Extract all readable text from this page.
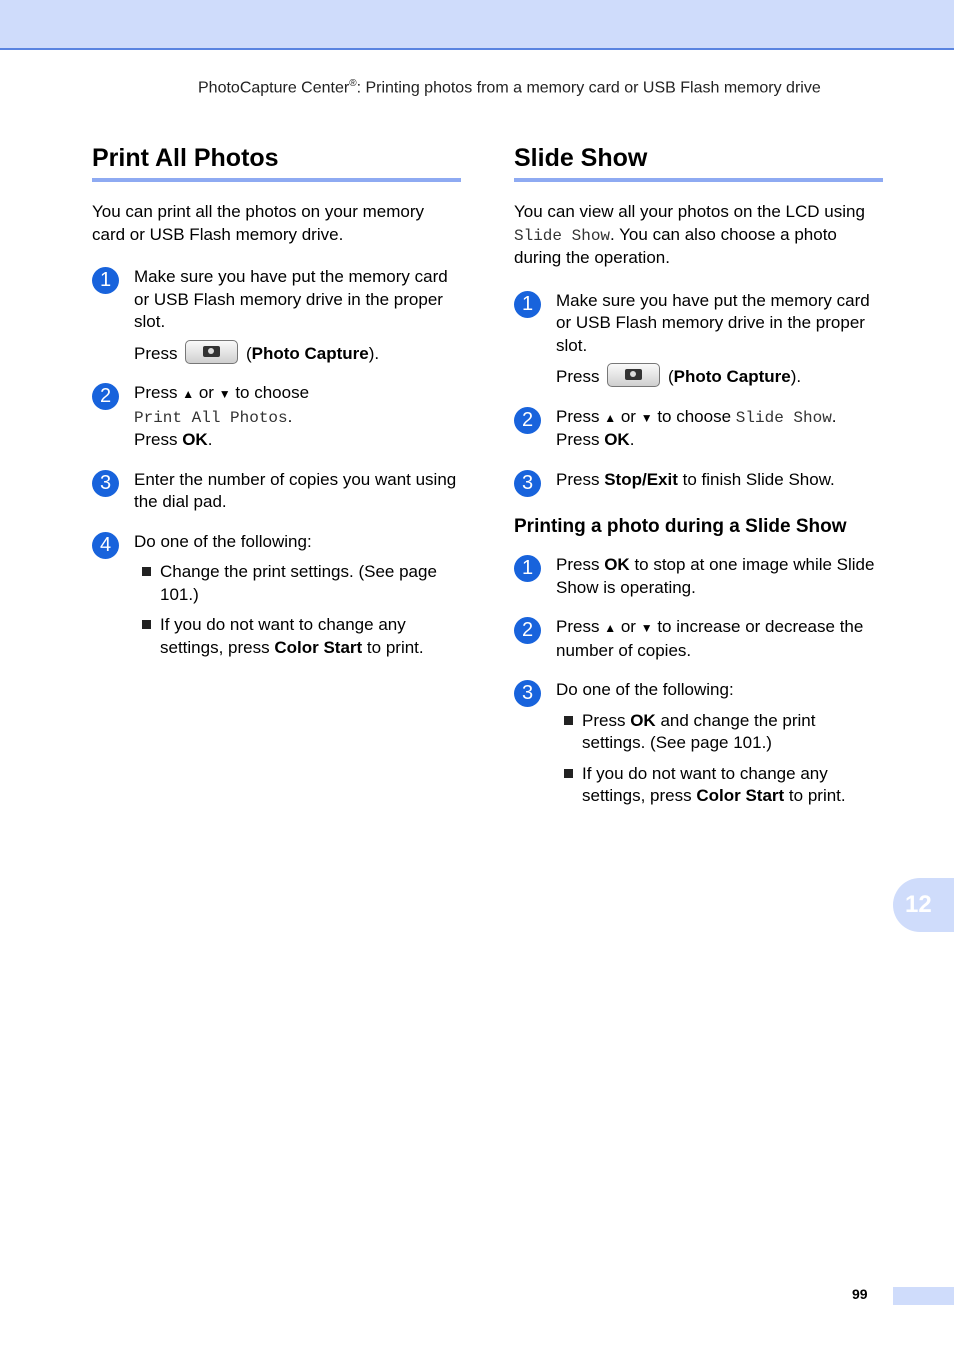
PhotoCapture Center®: Printing photos from a memory card or USB Flash memory drive
Print All Photos

You can print all the photos on your memory card or USB Flash memory drive.

1	Make sure you have put the memory card or USB Flash memory drive in the proper slot.

Press	(Photo Capture).

2	Press ▲ or ▼ to choose

Print All Photos.

Press OK.

3	Enter the number of copies you want using the dial pad.

4	Do one of the following:

Change the print settings. (See page 101.)
If you do not want to change any settings, press Color Start to print.
Slide Show

You can view all your photos on the LCD using Slide Show. You can also choose a photo during the operation.

1	Make sure you have put the memory card or USB Flash memory drive in the proper slot.

Press	(Photo Capture).

2	Press ▲ or ▼ to choose Slide Show.

Press OK.

3	Press Stop/Exit to finish Slide Show.

Printing a photo during a Slide Show
1	Press OK to stop at one image while Slide Show is operating.

2	Press ▲ or ▼ to increase or decrease the number of copies.

3	Do one of the following:

Press OK and change the print settings. (See page 101.)
If you do not want to change any settings, press Color Start to print.
12
99
